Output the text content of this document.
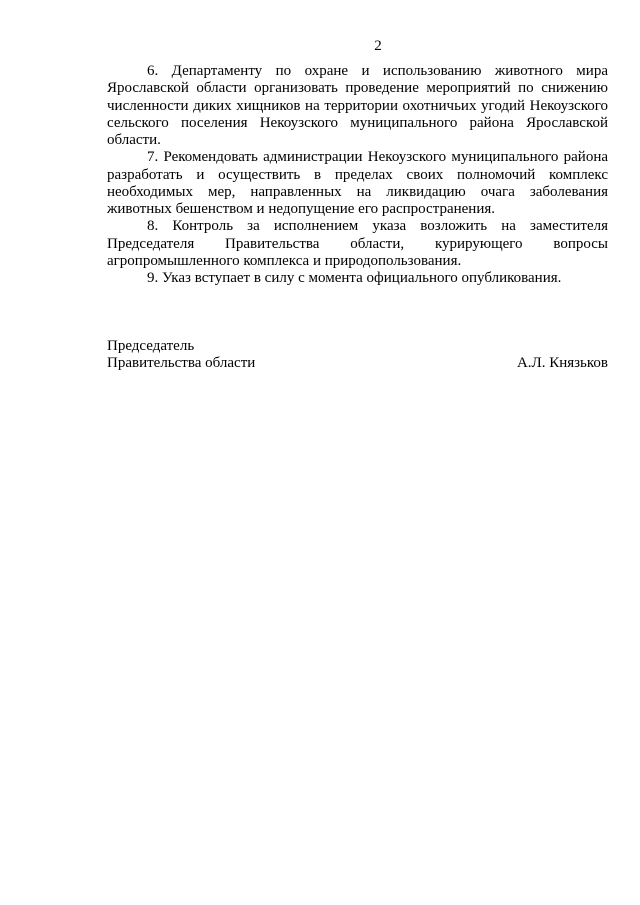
2
6. Департаменту по охране и использованию животного мира
Ярославской области организовать проведение мероприятий по снижению
численности диких хищников на территории охотничьих угодий Некоузского
сельского поселения Некоузского муниципального района Ярославской
области.
7. Рекомендовать администрации Некоузского муниципального района
разработать и осуществить в пределах своих полномочий комплекс
необходимых мер, направленных на ликвидацию очага заболевания
животных бешенством и недопущение его распространения.
8. Контроль за исполнением указа возложить на заместителя
Председателя Правительства области, курирующего вопросы
агропромышленного комплекса и природопользования.
9. Указ вступает в силу с момента официального опубликования.
Председатель
Правительства области	А.Л. Князьков
